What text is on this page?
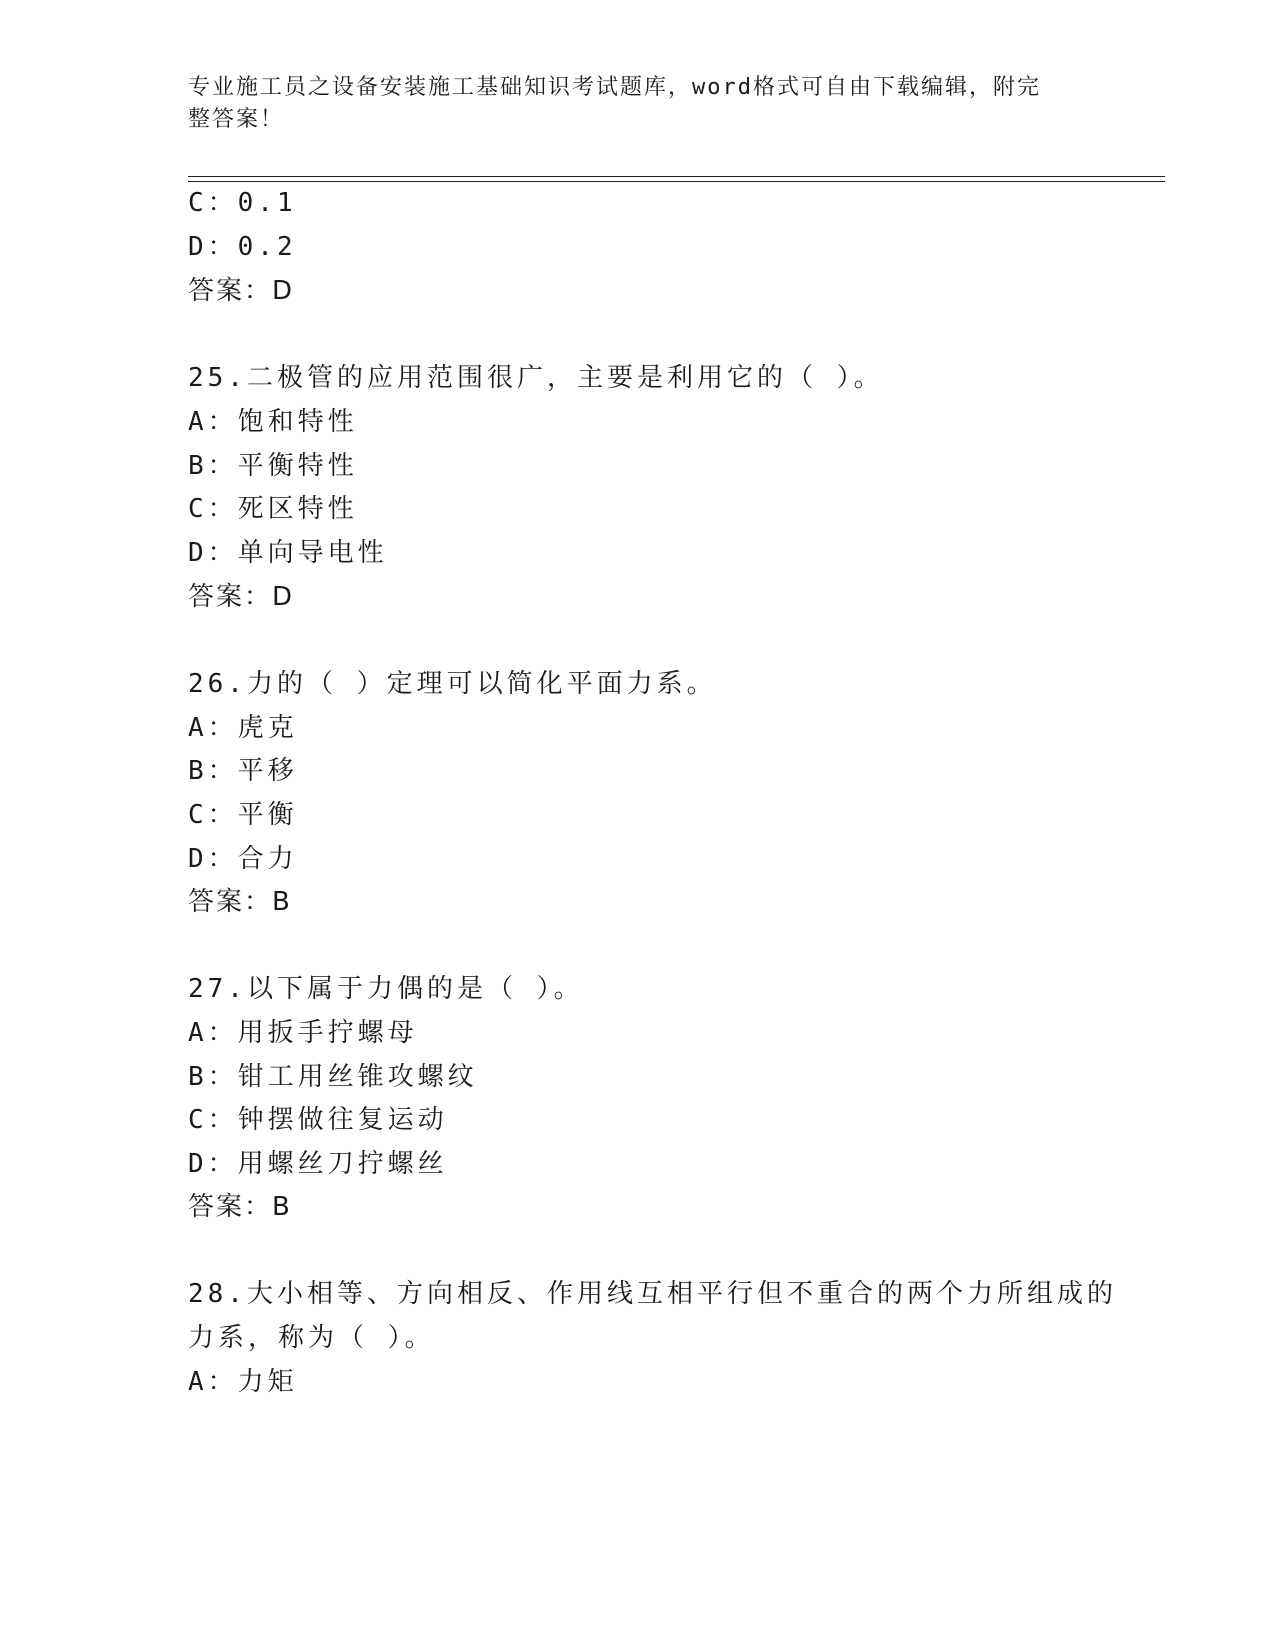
专业施工员之设备安装施工基础知识考试题库，word格式可自由下载编辑，附完
整答案！
C：0.1
D：0.2
答案：D
25.二极管的应用范围很广，主要是利用它的（ ）。
A：饱和特性
B：平衡特性
C：死区特性
D：单向导电性
答案：D
26.力的（ ）定理可以简化平面力系。
A：虎克
B：平移
C：平衡
D：合力
答案：B
27.以下属于力偶的是（ ）。
A：用扳手拧螺母
B：钳工用丝锥攻螺纹
C：钟摆做往复运动
D：用螺丝刀拧螺丝
答案：B
28.大小相等、方向相反、作用线互相平行但不重合的两个力所组成的
力系，称为（ ）。
A：力矩
